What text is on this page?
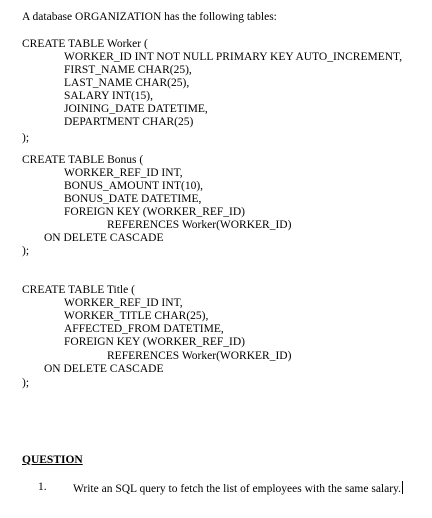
A database ORGANIZATION has the following tables:
CREATE TABLE Worker (
WORKER_ID INT NOT NULL PRIMARY KEY AUTO_INCREMENT,
FIRST_NAME CHAR(25),
LAST_NAME CHAR(25),
SALARY INT(15),
JOINING_DATE DATETIME,
DEPARTMENT CHAR(25)
);
CREATE TABLE Bonus (
WORKER_REF_ID INT,
BONUS_AMOUNT INT(10),
BONUS_DATE DATETIME,
FOREIGN KEY (WORKER_REF_ID)
REFERENCES Worker(WORKER_ID)
ON DELETE CASCADE
);
CREATE TABLE Title (
WORKER_REF_ID INT,
WORKER_TITLE CHAR(25),
AFFECTED_FROM DATETIME,
FOREIGN KEY (WORKER_REF_ID)
REFERENCES Worker(WORKER_ID)
ON DELETE CASCADE
);
QUESTION
1. Write an SQL query to fetch the list of employees with the same salary.
